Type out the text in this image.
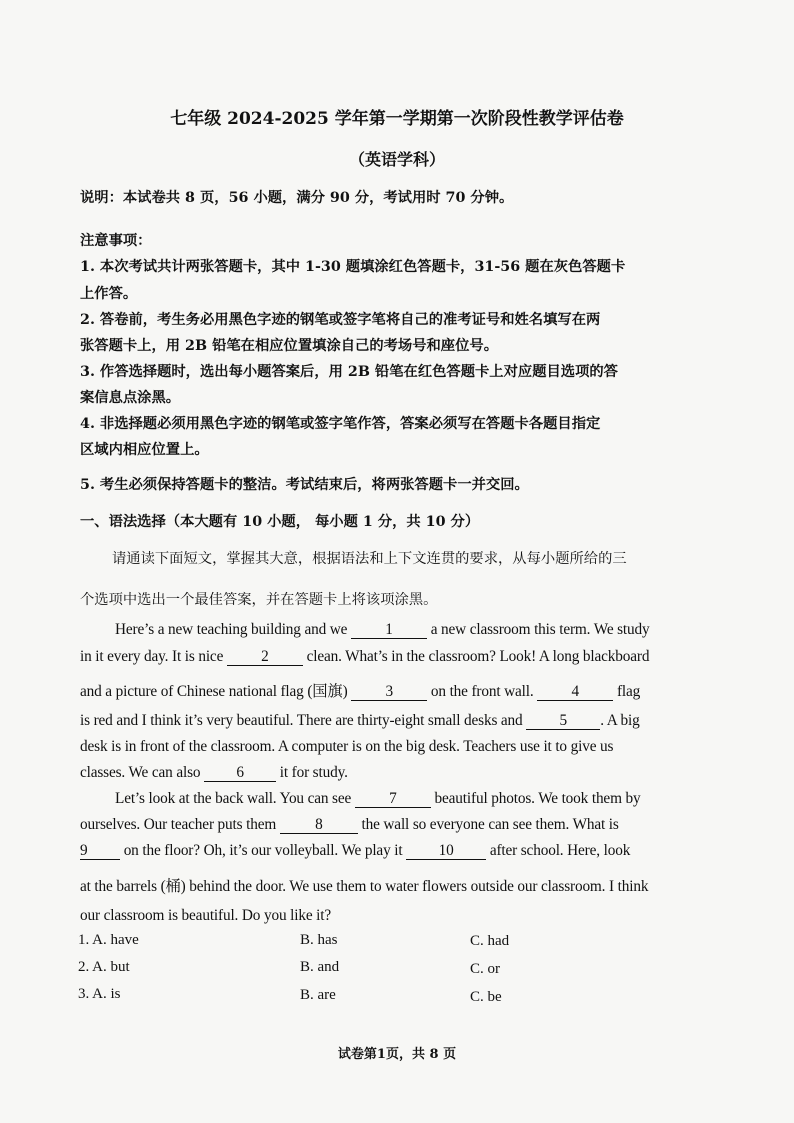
七年级 2024-2025 学年第一学期第一次阶段性教学评估卷
（英语学科）
说明：本试卷共 8 页，56 小题，满分 90 分，考试用时 70 分钟。
注意事项：
1. 本次考试共计两张答题卡，其中 1-30 题填涂红色答题卡，31-56 题在灰色答题卡
上作答。
2. 答卷前，考生务必用黑色字迹的钢笔或签字笔将自己的准考证号和姓名填写在两
张答题卡上，用 2B 铅笔在相应位置填涂自己的考场号和座位号。
3. 作答选择题时，选出每小题答案后，用 2B 铅笔在红色答题卡上对应题目选项的答
案信息点涂黑。
4. 非选择题必须用黑色字迹的钢笔或签字笔作答，答案必须写在答题卡各题目指定
区域内相应位置上。
5. 考生必须保持答题卡的整洁。考试结束后，将两张答题卡一并交回。
一、语法选择（本大题有 10 小题， 每小题 1 分，共 10 分）
请通读下面短文，掌握其大意，根据语法和上下文连贯的要求，从每小题所给的三
个选项中选出一个最佳答案，并在答题卡上将该项涂黑。
Here’s a new teaching building and we 1 a new classroom this term. We study
in it every day. It is nice 2 clean. What’s in the classroom? Look! A long blackboard
and a picture of Chinese national flag (国旗) 3 on the front wall. 4 flag
is red and I think it’s very beautiful. There are thirty-eight small desks and 5 . A big
desk is in front of the classroom. A computer is on the big desk. Teachers use it to give us
classes. We can also 6 it for study.
Let’s look at the back wall. You can see 7 beautiful photos. We took them by
ourselves. Our teacher puts them	8	the wall so everyone can see them. What is
9 on the floor? Oh, it’s our volleyball. We play it 10 after school. Here, look
at the barrels (桶) behind the door. We use them to water flowers outside our classroom. I think
our classroom is beautiful. Do you like it?
1. A. have	B. has	C. had
2. A. but	B. and	C. or
3. A. is	B. are	C. be
试卷第1页，共 8 页
